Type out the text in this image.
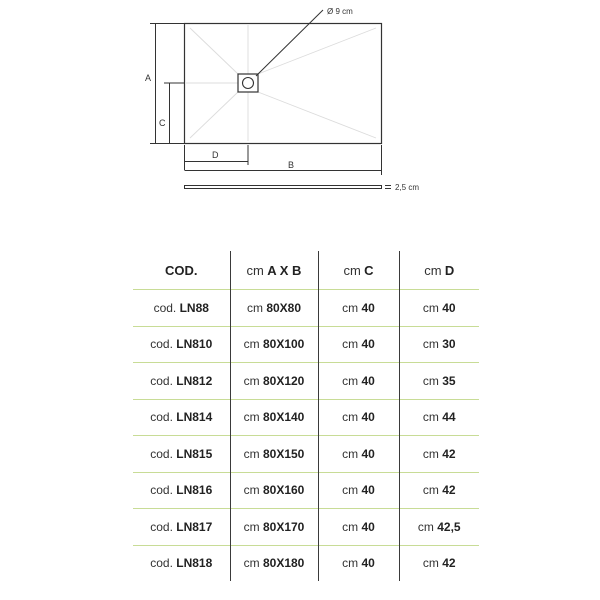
Ø 9 cm
A
C
D
B
2,5 cm
COD.	cm A X B	cm C	cm D
cod. LN88	cm 80X80	cm 40	cm 40
cod. LN810	cm 80X100	cm 40	cm 30
cod. LN812	cm 80X120	cm 40	cm 35
cod. LN814	cm 80X140	cm 40	cm 44
cod. LN815	cm 80X150	cm 40	cm 42
cod. LN816	cm 80X160	cm 40	cm 42
cod. LN817	cm 80X170	cm 40	cm 42,5
cod. LN818	cm 80X180	cm 40	cm 42
